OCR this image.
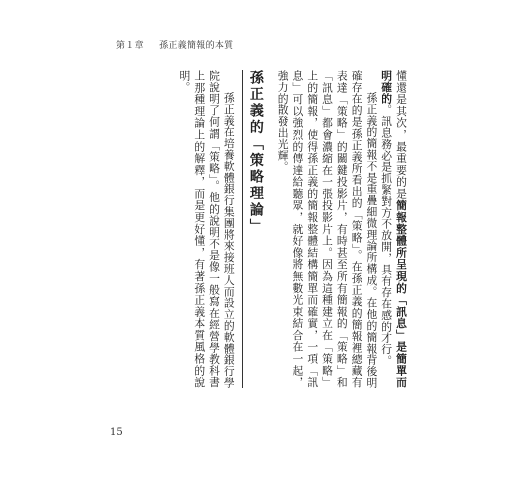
第１章 孫正義簡報的本質

懂還是其次，最重要的是簡報整體所呈現的「訊息」是簡單而明確的。訊息務必是抓緊對方不放開，具有存在感的才行。

孫正義的簡報不是重疊細微理論所構成。在他的簡報背後明確存在的是孫正義所看出的「策略」。在孫正義的簡報裡總藏有表達「策略」的關鍵投影片，有時甚至所有簡報的「策略」和「訊息」都會濃縮在一張投影片上。因為這種建立在「策略」上的簡報，使得孫正義的簡報整體結構簡單而確實，一項「訊息」可以強烈的傳達給聽眾，就好像將無數光束結合在一起，強力的散發出光輝。

孫正義的「策略理論」

孫正義在培養軟體銀行集團將來接班人而設立的軟體銀行學院說明了何謂「策略」。他的說明不是像一般寫在經營學教科書上那種理論上的解釋，而是更好懂，有著孫正義本質風格的說明。

15
